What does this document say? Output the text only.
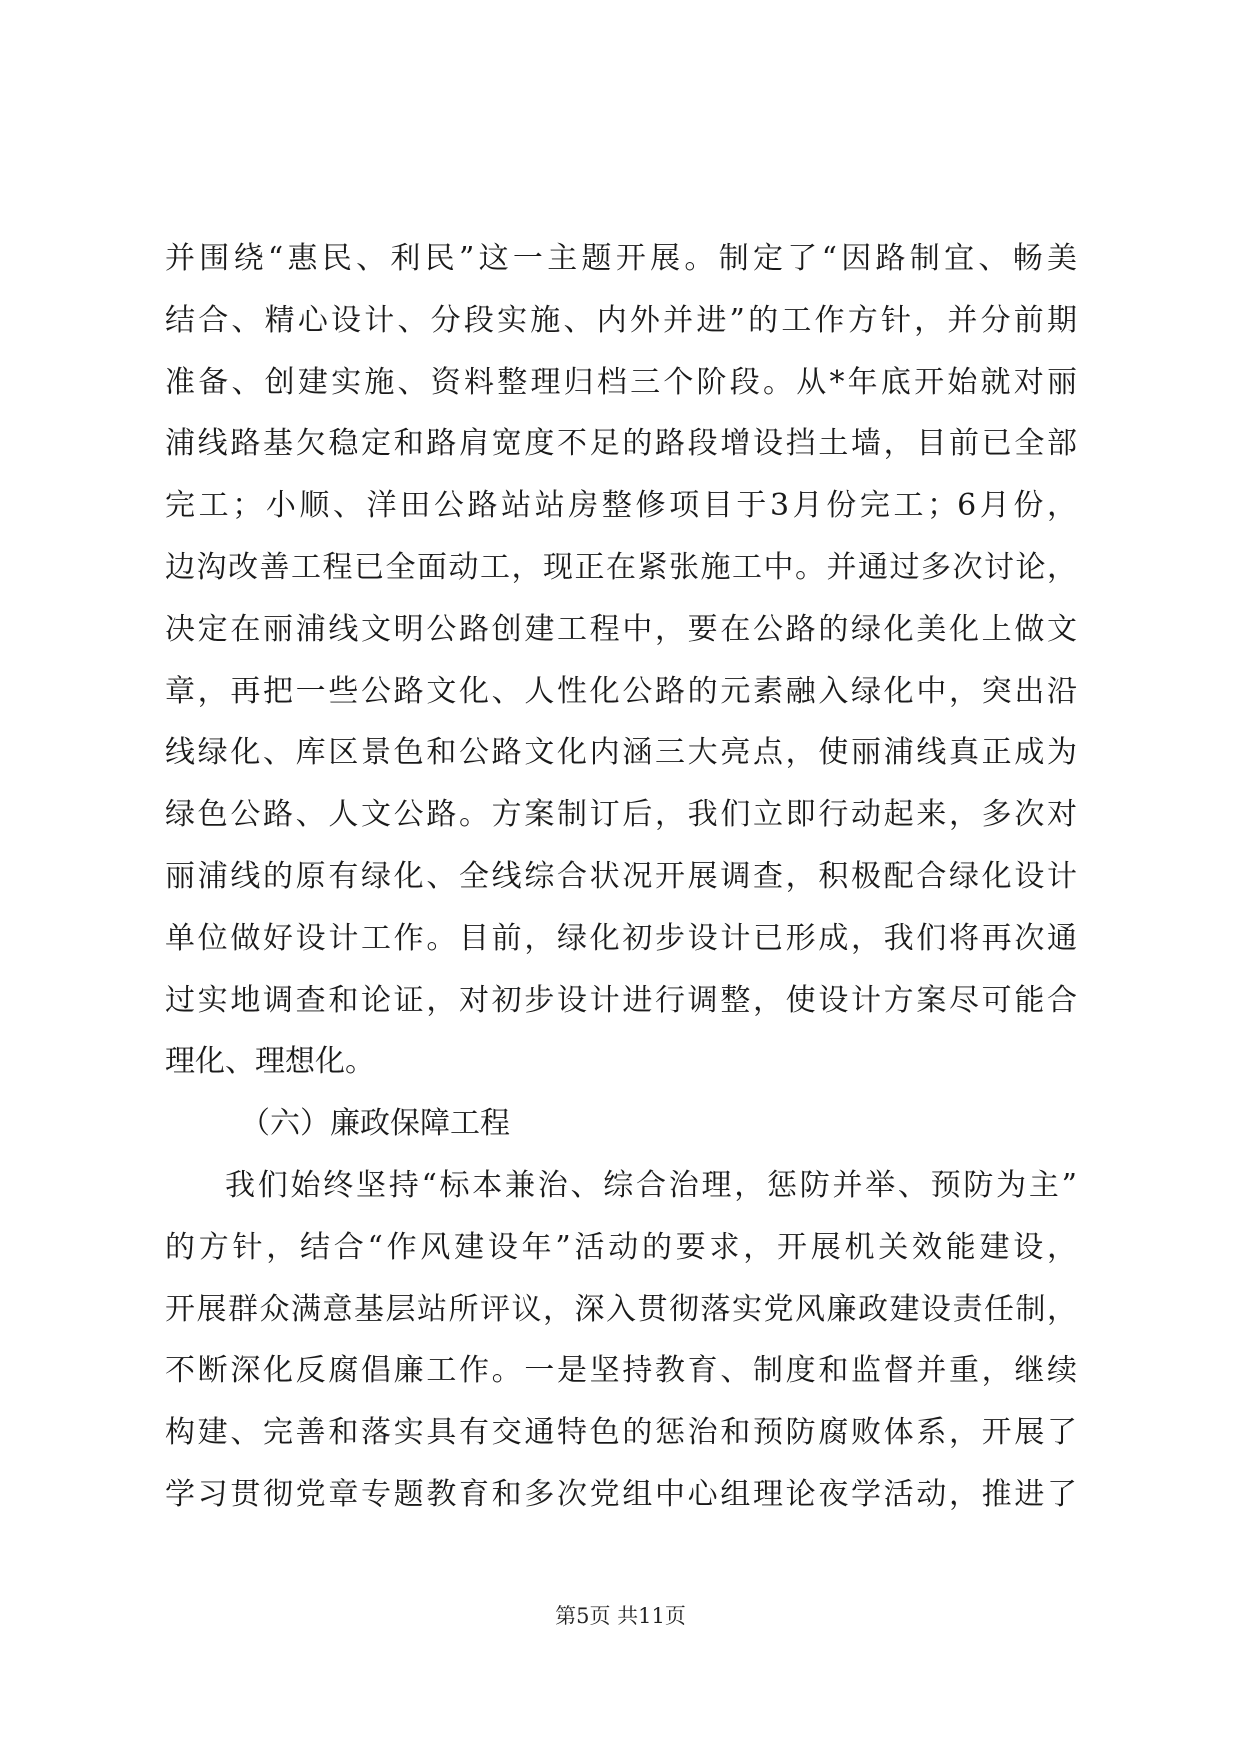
并围绕“惠民、利民”这一主题开展。制定了“因路制宜、畅美
结合、精心设计、分段实施、内外并进”的工作方针，并分前期
准备、创建实施、资料整理归档三个阶段。从*年底开始就对丽
浦线路基欠稳定和路肩宽度不足的路段增设挡土墙，目前已全部
完工；小顺、洋田公路站站房整修项目于3月份完工；6月份，
边沟改善工程已全面动工，现正在紧张施工中。并通过多次讨论，
决定在丽浦线文明公路创建工程中，要在公路的绿化美化上做文
章，再把一些公路文化、人性化公路的元素融入绿化中，突出沿
线绿化、库区景色和公路文化内涵三大亮点，使丽浦线真正成为
绿色公路、人文公路。方案制订后，我们立即行动起来，多次对
丽浦线的原有绿化、全线综合状况开展调查，积极配合绿化设计
单位做好设计工作。目前，绿化初步设计已形成，我们将再次通
过实地调查和论证，对初步设计进行调整，使设计方案尽可能合
理化、理想化。
（六）廉政保障工程
我们始终坚持“标本兼治、综合治理，惩防并举、预防为主”
的方针，结合“作风建设年”活动的要求，开展机关效能建设，
开展群众满意基层站所评议，深入贯彻落实党风廉政建设责任制，
不断深化反腐倡廉工作。一是坚持教育、制度和监督并重，继续
构建、完善和落实具有交通特色的惩治和预防腐败体系，开展了
学习贯彻党章专题教育和多次党组中心组理论夜学活动，推进了
第5页 共11页
